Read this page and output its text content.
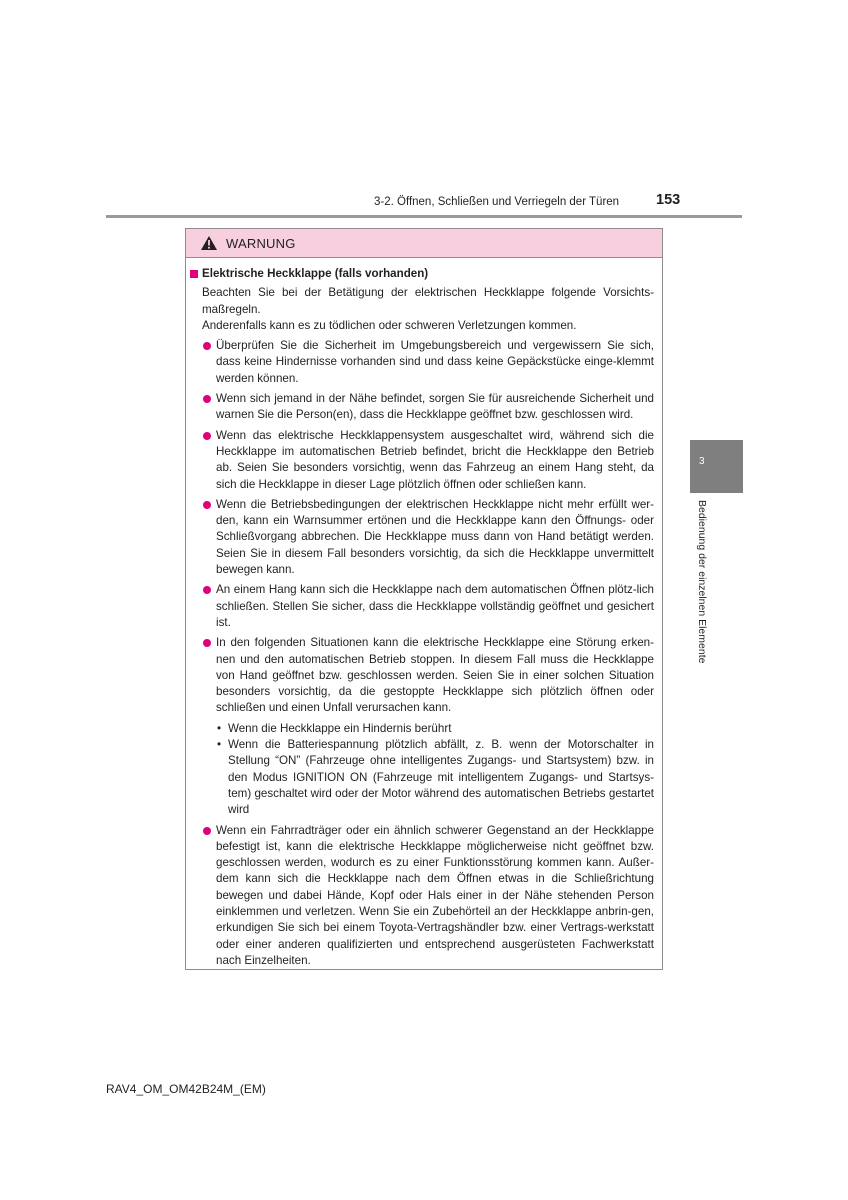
3-2. Öffnen, Schließen und Verriegeln der Türen	153
WARNUNG
Elektrische Heckklappe (falls vorhanden)

Beachten Sie bei der Betätigung der elektrischen Heckklappe folgende Vorsichts-maßregeln.

Anderenfalls kann es zu tödlichen oder schweren Verletzungen kommen.

Überprüfen Sie die Sicherheit im Umgebungsbereich und vergewissern Sie sich, dass keine Hindernisse vorhanden sind und dass keine Gepäckstücke einge-klemmt werden können.
Wenn sich jemand in der Nähe befindet, sorgen Sie für ausreichende Sicherheit und warnen Sie die Person(en), dass die Heckklappe geöffnet bzw. geschlossen wird.
Wenn das elektrische Heckklappensystem ausgeschaltet wird, während sich die Heckklappe im automatischen Betrieb befindet, bricht die Heckklappe den Betrieb ab. Seien Sie besonders vorsichtig, wenn das Fahrzeug an einem Hang steht, da sich die Heckklappe in dieser Lage plötzlich öffnen oder schließen kann.
Wenn die Betriebsbedingungen der elektrischen Heckklappe nicht mehr erfüllt wer-den, kann ein Warnsummer ertönen und die Heckklappe kann den Öffnungs- oder Schließvorgang abbrechen. Die Heckklappe muss dann von Hand betätigt werden. Seien Sie in diesem Fall besonders vorsichtig, da sich die Heckklappe unvermittelt bewegen kann.
An einem Hang kann sich die Heckklappe nach dem automatischen Öffnen plötz-lich schließen. Stellen Sie sicher, dass die Heckklappe vollständig geöffnet und gesichert ist.
In den folgenden Situationen kann die elektrische Heckklappe eine Störung erken-nen und den automatischen Betrieb stoppen. In diesem Fall muss die Heckklappe von Hand geöffnet bzw. geschlossen werden. Seien Sie in einer solchen Situation besonders vorsichtig, da die gestoppte Heckklappe sich plötzlich öffnen oder schließen und einen Unfall verursachen kann.
• Wenn die Heckklappe ein Hindernis berührt
• Wenn die Batteriespannung plötzlich abfällt, z. B. wenn der Motorschalter in Stellung “ON” (Fahrzeuge ohne intelligentes Zugangs- und Startsystem) bzw. in den Modus IGNITION ON (Fahrzeuge mit intelligentem Zugangs- und Startsys-tem) geschaltet wird oder der Motor während des automatischen Betriebs gestartet wird
Wenn ein Fahrradträger oder ein ähnlich schwerer Gegenstand an der Heckklappe befestigt ist, kann die elektrische Heckklappe möglicherweise nicht geöffnet bzw. geschlossen werden, wodurch es zu einer Funktionsstörung kommen kann. Außer-dem kann sich die Heckklappe nach dem Öffnen etwas in die Schließrichtung bewegen und dabei Hände, Kopf oder Hals einer in der Nähe stehenden Person einklemmen und verletzen. Wenn Sie ein Zubehörteil an der Heckklappe anbrin-gen, erkundigen Sie sich bei einem Toyota-Vertragshändler bzw. einer Vertrags-werkstatt oder einer anderen qualifizierten und entsprechend ausgerüsteten Fachwerkstatt nach Einzelheiten.
3
Bedienung der einzelnen Elemente
RAV4_OM_OM42B24M_(EM)
